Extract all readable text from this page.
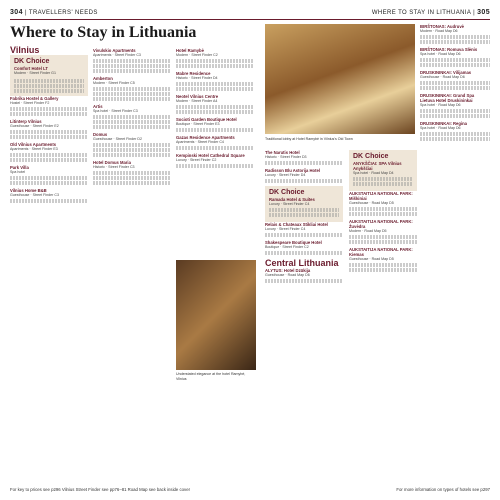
304 | TRAVELLERS' NEEDS	WHERE TO STAY IN LITHUANIA | 305
Where to Stay in Lithuania
Vilnius
DK Choice
Comfort Hotel LT
Modern · Street Finder G1
Fabrika Hostel & Gallery
Hostel · Street Finder F2
Litinterp Vilnius
Guesthouse · Street Finder E2
Old Vilnius Apartments
Apartments · Street Finder E3
Park Villa
Spa hotel
Vilnius Home B&B
Guesthouse · Street Finder C3
Vivulskio Apartments
Apartments · Street Finder C3
Amberton
Modern · Street Finder C5
Artis
Spa hotel · Street Finder C3
Domus
Guesthouse · Street Finder D2
Hotel Domus Maria
Historic · Street Finder C3
Hotel Ramybė
Modern · Street Finder C2
Mabre Residence
Historic · Street Finder D4
Neotel Vilnius Centre
Modern · Street Finder A4
Socioti Garden Boutique Hotel
Boutique · Street Finder E3
Gazas Residence Apartments
Apartments · Street Finder C4
Kempinski Hotel Cathedral Square
Luxury · Street Finder C2
Understated elegance at the hotel Ramybė, Vilnius
Traditional lobby at Hotel Ramybė in Vilnius's Old Town
The Narutis Hotel
Historic · Street Finder D3
Radisson Blu Astorija Hotel
Luxury · Street Finder D4
DK Choice
Ramada Hotel & Suites
Luxury · Street Finder C4
Relais & Chateaux Stikliai Hotel
Luxury · Street Finder C4
Shakespeare Boutique Hotel
Boutique · Street Finder C2
Central Lithuania
ALYTUS: Hotel Dzūkija
Guesthouse · Road Map D6
DK Choice
ANYKŠČIAI: SPA Vilnius Anykščiai
Spa hotel · Road Map D4
AUKSTAITIJA NATIONAL PARK: Miškiniai
Guesthouse · Road Map D5
AUKSTAITIJA NATIONAL PARK: Žuvėdra
Modern · Road Map D5
AUKSTAITIJA NATIONAL PARK: Kiemas
Guesthouse · Road Map D5
BIRŠTONAS: Audruvė
Modern · Road Map D6
BIRŠTONAS: Romuva Slėnis
Spa hotel · Road Map D6
DRUSKININKAI: Vilijamas
Guesthouse · Road Map D6
DRUSKININKAI: Grand Spa Lietuva Hotel Druskininkai
Spa hotel · Road Map D6
DRUSKININKAI: Regina
Spa hotel · Road Map D6
For key to prices see p296 Vilnius Street Finder see pp76–81 Road Map see back inside cover	For more information on types of hotels see p297
